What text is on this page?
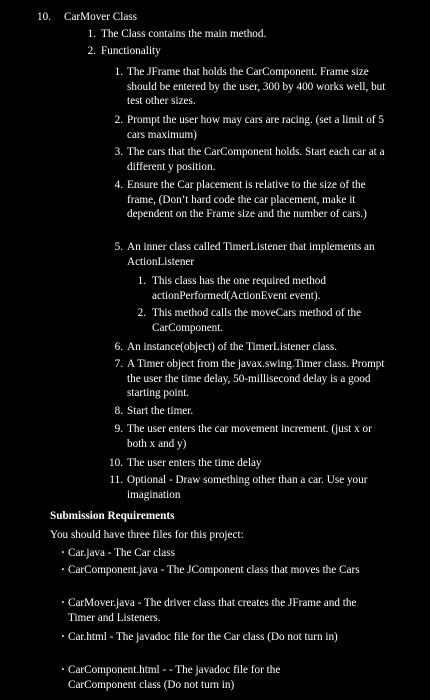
10.	CarMover Class
1. The Class contains the main method.
2. Functionality
1. The JFrame that holds the CarComponent. Frame size should be entered by the user, 300 by 400 works well, but test other sizes.
2. Prompt the user how may cars are racing. (set a limit of 5 cars maximum)
3. The cars that the CarComponent holds. Start each car at a different y position.
4. Ensure the Car placement is relative to the size of the frame, (Don’t hard code the car placement, make it dependent on the Frame size and the number of cars.)
5. An inner class called TimerListener that implements an ActionListener
1. This class has the one required method actionPerformed(ActionEvent event).
2. This method calls the moveCars method of the CarComponent.
6. An instance(object) of the TimerListener class.
7. A Timer object from the javax.swing.Timer class. Prompt the user the time delay, 50-millisecond delay is a good starting point.
8. Start the timer.
9. The user enters the car movement increment. (just x or both x and y)
10. The user enters the time delay
11. Optional - Draw something other than a car. Use your imagination
Submission Requirements
You should have three files for this project:
· Car.java - The Car class
· CarComponent.java - The JComponent class that moves the Cars
· CarMover.java - The driver class that creates the JFrame and the Timer and Listeners.
· Car.html - The javadoc file for the Car class (Do not turn in)
· CarComponent.html - - The javadoc file for the CarComponent class (Do not turn in)
